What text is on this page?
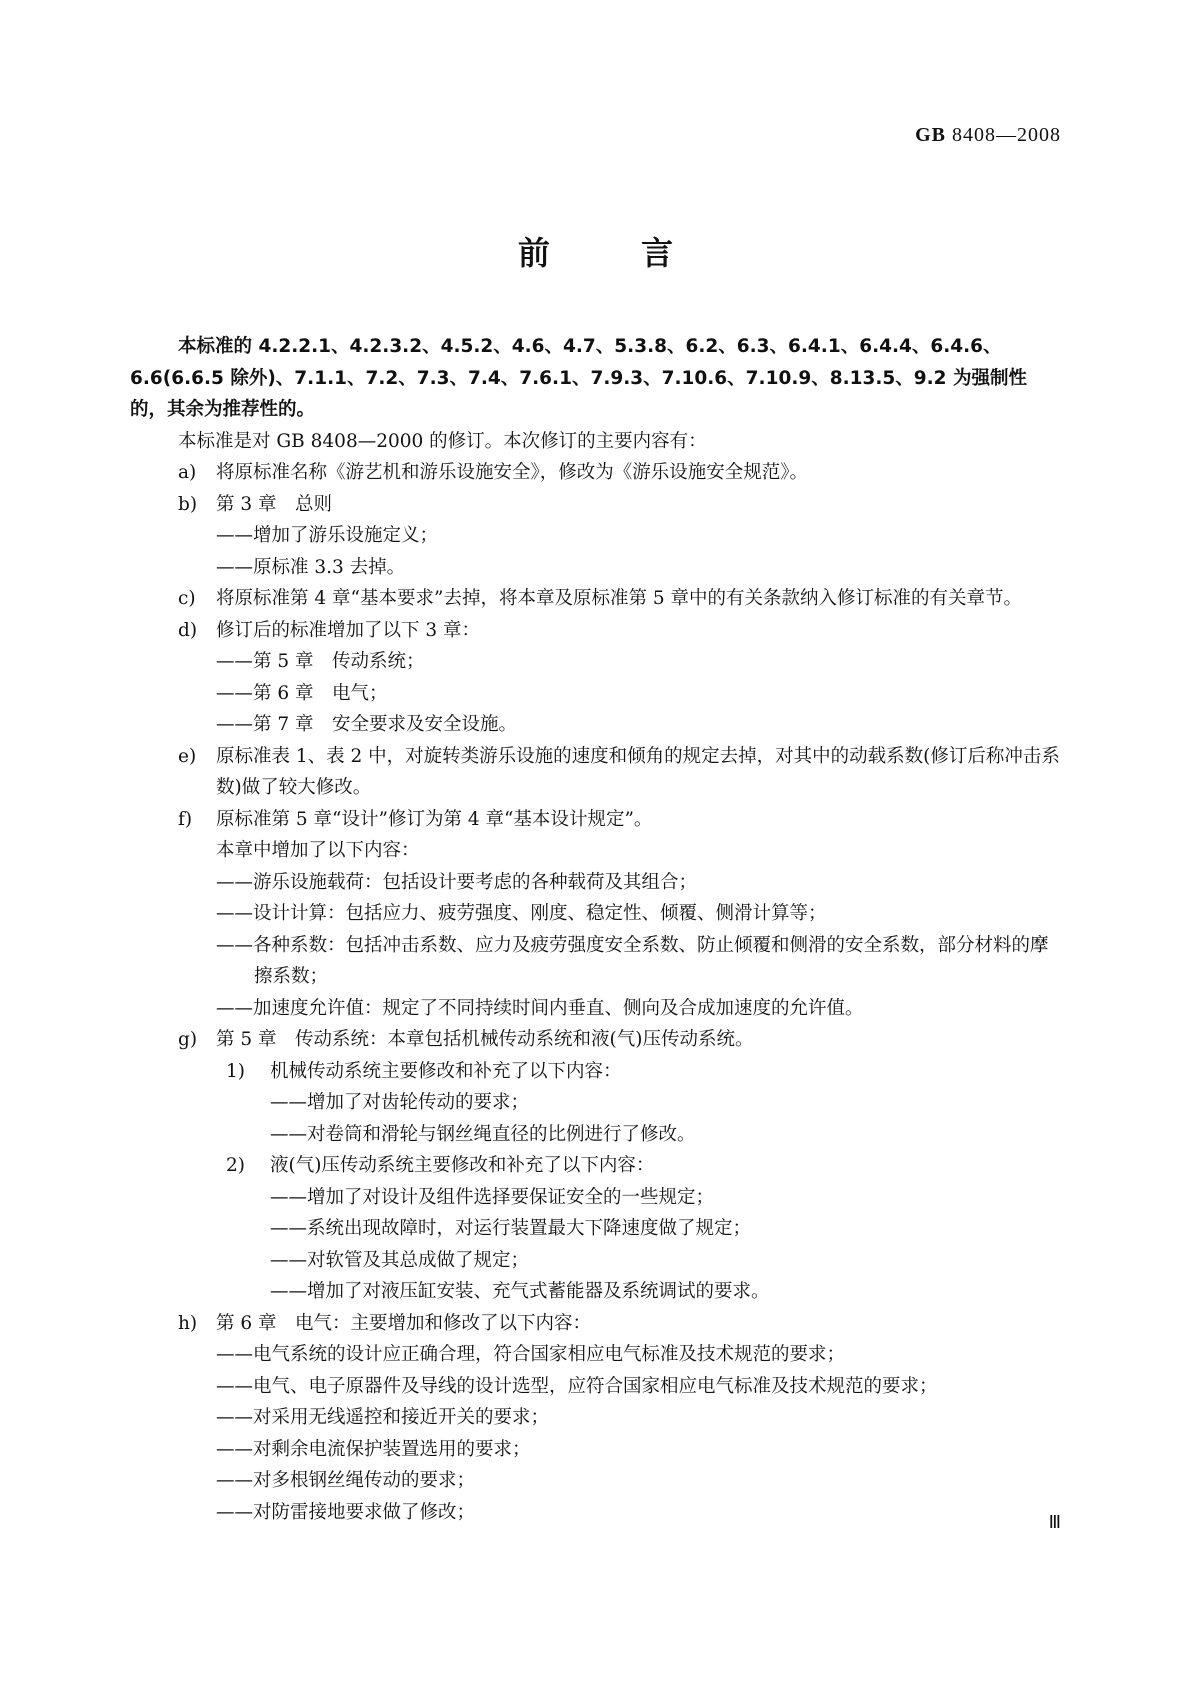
GB 8408—2008
前 言

本标准的 4.2.2.1、4.2.3.2、4.5.2、4.6、4.7、5.3.8、6.2、6.3、6.4.1、6.4.4、6.4.6、6.6(6.6.5 除外)、7.1.1、7.2、7.3、7.4、7.6.1、7.9.3、7.10.6、7.10.9、8.13.5、9.2 为强制性的，其余为推荐性的。

本标准是对 GB 8408—2000 的修订。本次修订的主要内容有：

a)	将原标准名称《游艺机和游乐设施安全》，修改为《游乐设施安全规范》。
b)	第 3 章　总则
——增加了游乐设施定义；
——原标准 3.3 去掉。
c)	将原标准第 4 章“基本要求”去掉，将本章及原标准第 5 章中的有关条款纳入修订标准的有关章节。
d)	修订后的标准增加了以下 3 章：
——第 5 章　传动系统；
——第 6 章　电气；
——第 7 章　安全要求及安全设施。
e)	原标准表 1、表 2 中，对旋转类游乐设施的速度和倾角的规定去掉，对其中的动载系数(修订后称冲击系数)做了较大修改。
f)	原标准第 5 章“设计”修订为第 4 章“基本设计规定”。
本章中增加了以下内容：
——游乐设施载荷：包括设计要考虑的各种载荷及其组合；
——设计计算：包括应力、疲劳强度、刚度、稳定性、倾覆、侧滑计算等；
——各种系数：包括冲击系数、应力及疲劳强度安全系数、防止倾覆和侧滑的安全系数，部分材料的摩擦系数；
——加速度允许值：规定了不同持续时间内垂直、侧向及合成加速度的允许值。
g)	第 5 章　传动系统：本章包括机械传动系统和液(气)压传动系统。
1)	机械传动系统主要修改和补充了以下内容：
——增加了对齿轮传动的要求；
——对卷筒和滑轮与钢丝绳直径的比例进行了修改。
2)	液(气)压传动系统主要修改和补充了以下内容：
——增加了对设计及组件选择要保证安全的一些规定；
——系统出现故障时，对运行装置最大下降速度做了规定；
——对软管及其总成做了规定；
——增加了对液压缸安装、充气式蓄能器及系统调试的要求。
h)	第 6 章　电气：主要增加和修改了以下内容：
——电气系统的设计应正确合理，符合国家相应电气标准及技术规范的要求；
——电气、电子原器件及导线的设计选型，应符合国家相应电气标准及技术规范的要求；
——对采用无线遥控和接近开关的要求；
——对剩余电流保护装置选用的要求；
——对多根钢丝绳传动的要求；
——对防雷接地要求做了修改；	Ⅲ
